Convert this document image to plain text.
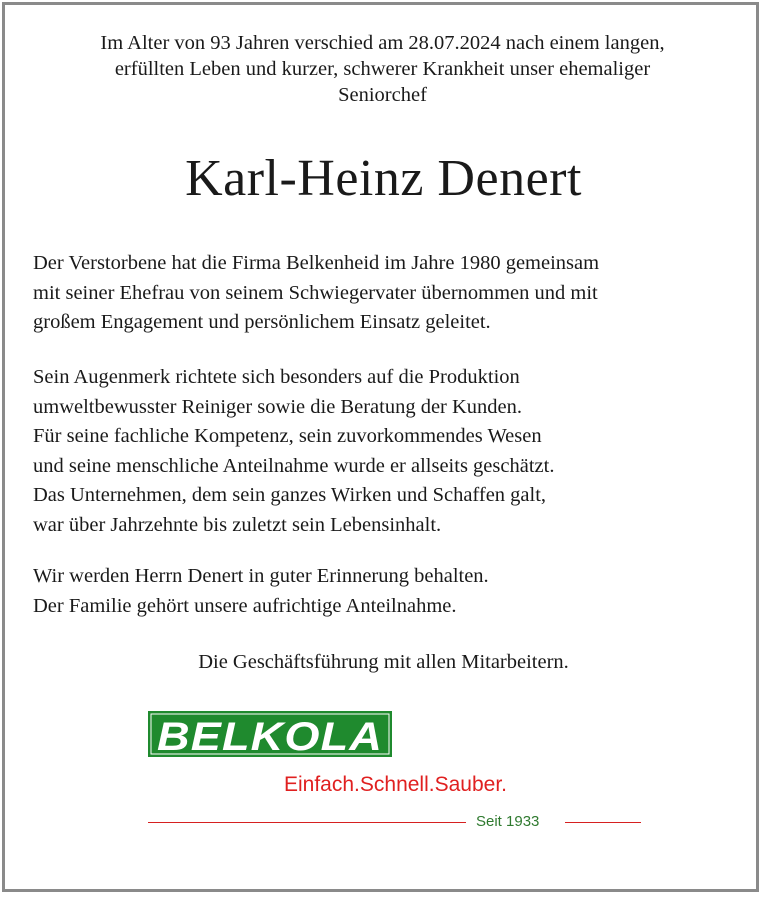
Im Alter von 93 Jahren verschied am 28.07.2024 nach einem langen,
erfüllten Leben und kurzer, schwerer Krankheit unser ehemaliger
Seniorchef
Karl-Heinz Denert
Der Verstorbene hat die Firma Belkenheid im Jahre 1980 gemeinsam
mit seiner Ehefrau von seinem Schwiegervater übernommen und mit
großem Engagement und persönlichem Einsatz geleitet.
Sein Augenmerk richtete sich besonders auf die Produktion
umweltbewusster Reiniger sowie die Beratung der Kunden.
Für seine fachliche Kompetenz, sein zuvorkommendes Wesen
und seine menschliche Anteilnahme wurde er allseits geschätzt.
Das Unternehmen, dem sein ganzes Wirken und Schaffen galt,
war über Jahrzehnte bis zuletzt sein Lebensinhalt.
Wir werden Herrn Denert in guter Erinnerung behalten.
Der Familie gehört unsere aufrichtige Anteilnahme.
Die Geschäftsführung mit allen Mitarbeitern.
BELKOLA
Einfach.Schnell.Sauber.
Seit 1933
